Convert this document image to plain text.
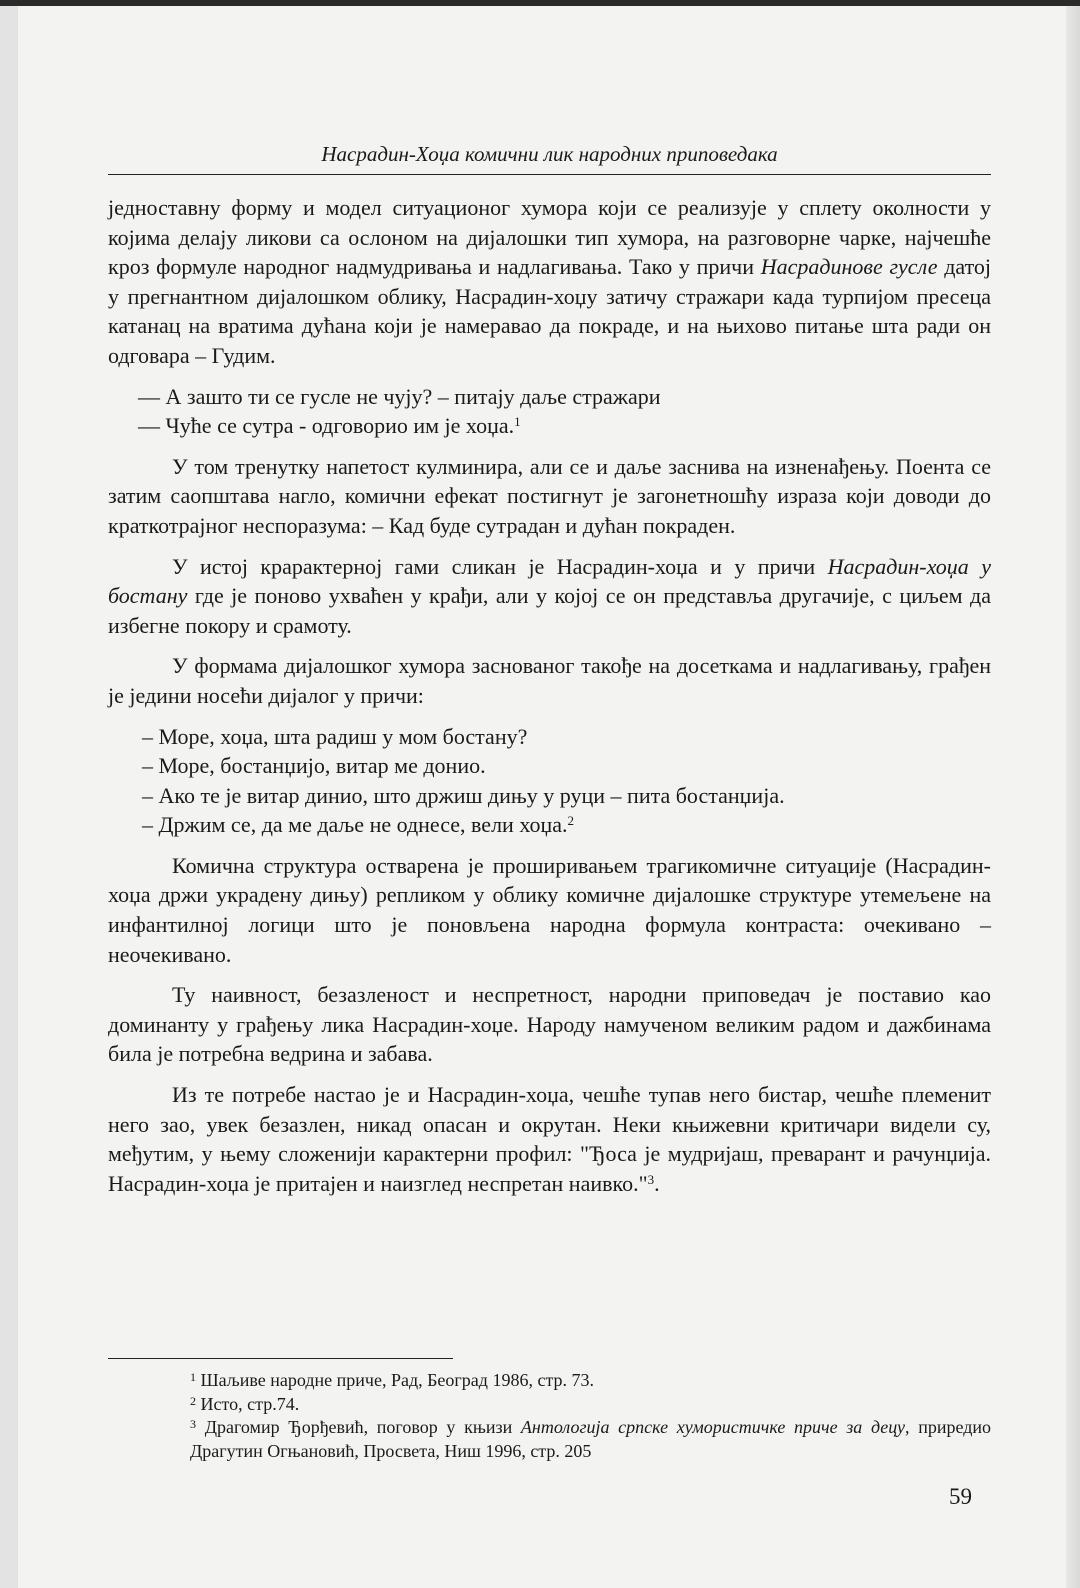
Насрадин-Хоџа комични лик народних приповедака

једноставну форму и модел ситуационог хумора који се реализује у сплету околности у којима делају ликови са ослоном на дијалошки тип хумора, на разговорне чарке, најчешће кроз формуле народног надмудривања и надлагивања. Тако у причи Насрадинове гусле датој у прегнантном дијалошком облику, Насрадин-хоџу затичу стражари када турпијом пресеца катанац на вратима дућана који је намеравао да покраде, и на њихово питање шта ради он одговара – Гудим.

— А зашто ти се гусле не чују? – питају даље стражари
— Чуће се сутра - одговорио им је хоџа.$^1$

У том тренутку напетост кулминира, али се и даље заснива на изненађењу. Поента се затим саопштава нагло, комични ефекат постигнут је загонетношћу израза који доводи до краткотрајног неспоразума: – Кад буде сутрадан и дућан покраден.

У истој крарактерној гами сликан је Насрадин-хоџа и у причи Насрадин-хоџа у бостану где је поново ухваћен у крађи, али у којој се он представља другачије, с циљем да избегне покору и срамоту.

У формама дијалошког хумора заснованог такође на досеткама и надлагивању, грађен је једини носећи дијалог у причи:

– Море, хоџа, шта радиш у мом бостану?
– Море, бостанџијо, витар ме донио.
– Ако те је витар динио, што држиш дињу у руци – пита бостанџија.
– Држим се, да ме даље не однесе, вели хоџа.$^2$

Комична структура остварена је проширивањем трагикомичне ситуације (Насрадин-хоџа држи украдену дињу) репликом у облику комичне дијалошке структуре утемељене на инфантилној логици што је поновљена народна формула контраста: очекивано – неочекивано.

Ту наивност, безазленост и неспретност, народни приповедач је поставио као доминанту у грађењу лика Насрадин-хоџе. Народу намученом великим радом и дажбинама била је потребна ведрина и забава.

Из те потребе настао је и Насрадин-хоџа, чешће тупав него бистар, чешће племенит него зао, увек безазлен, никад опасан и окрутан. Неки књижевни критичари видели су, међутим, у њему сложенији карактерни профил: "Ђоса је мудријаш, преварант и рачунџија. Насрадин-хоџа је притајен и наизглед неспретан наивко."$^3$.

$^1$ Шаљиве народне приче, Рад, Београд 1986, стр. 73.
$^2$ Исто, стр.74.
$^3$ Драгомир Ђорђевић, поговор у књизи Антологија српске хумористичке приче за децу, приредио Драгутин Огњановић, Просвета, Ниш 1996, стр. 205
59
